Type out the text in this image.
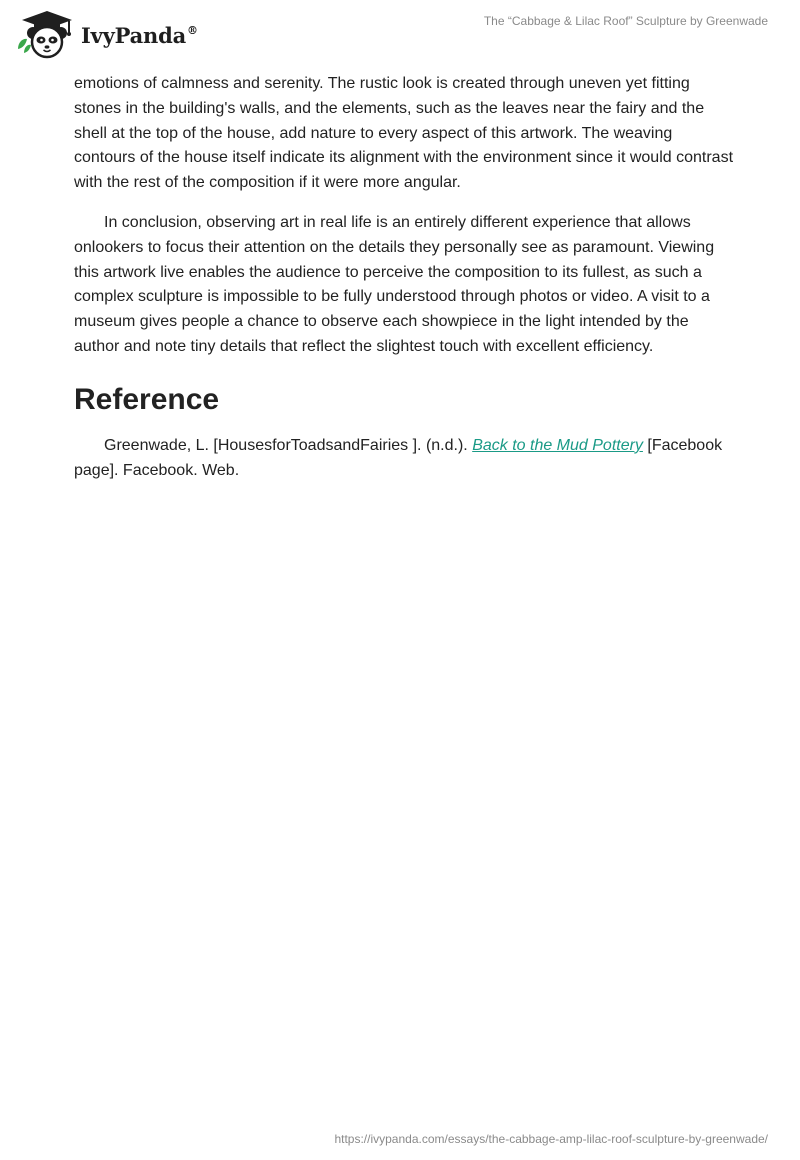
IvyPanda®
The “Cabbage & Lilac Roof” Sculpture by Greenwade

emotions of calmness and serenity. The rustic look is created through uneven yet fitting stones in the building's walls, and the elements, such as the leaves near the fairy and the shell at the top of the house, add nature to every aspect of this artwork. The weaving contours of the house itself indicate its alignment with the environment since it would contrast with the rest of the composition if it were more angular.

In conclusion, observing art in real life is an entirely different experience that allows onlookers to focus their attention on the details they personally see as paramount. Viewing this artwork live enables the audience to perceive the composition to its fullest, as such a complex sculpture is impossible to be fully understood through photos or video. A visit to a museum gives people a chance to observe each showpiece in the light intended by the author and note tiny details that reflect the slightest touch with excellent efficiency.

Reference

Greenwade, L. [HousesforToadsandFairies ]. (n.d.). Back to the Mud Pottery [Facebook page]. Facebook. Web.

https://ivypanda.com/essays/the-cabbage-amp-lilac-roof-sculpture-by-greenwade/
